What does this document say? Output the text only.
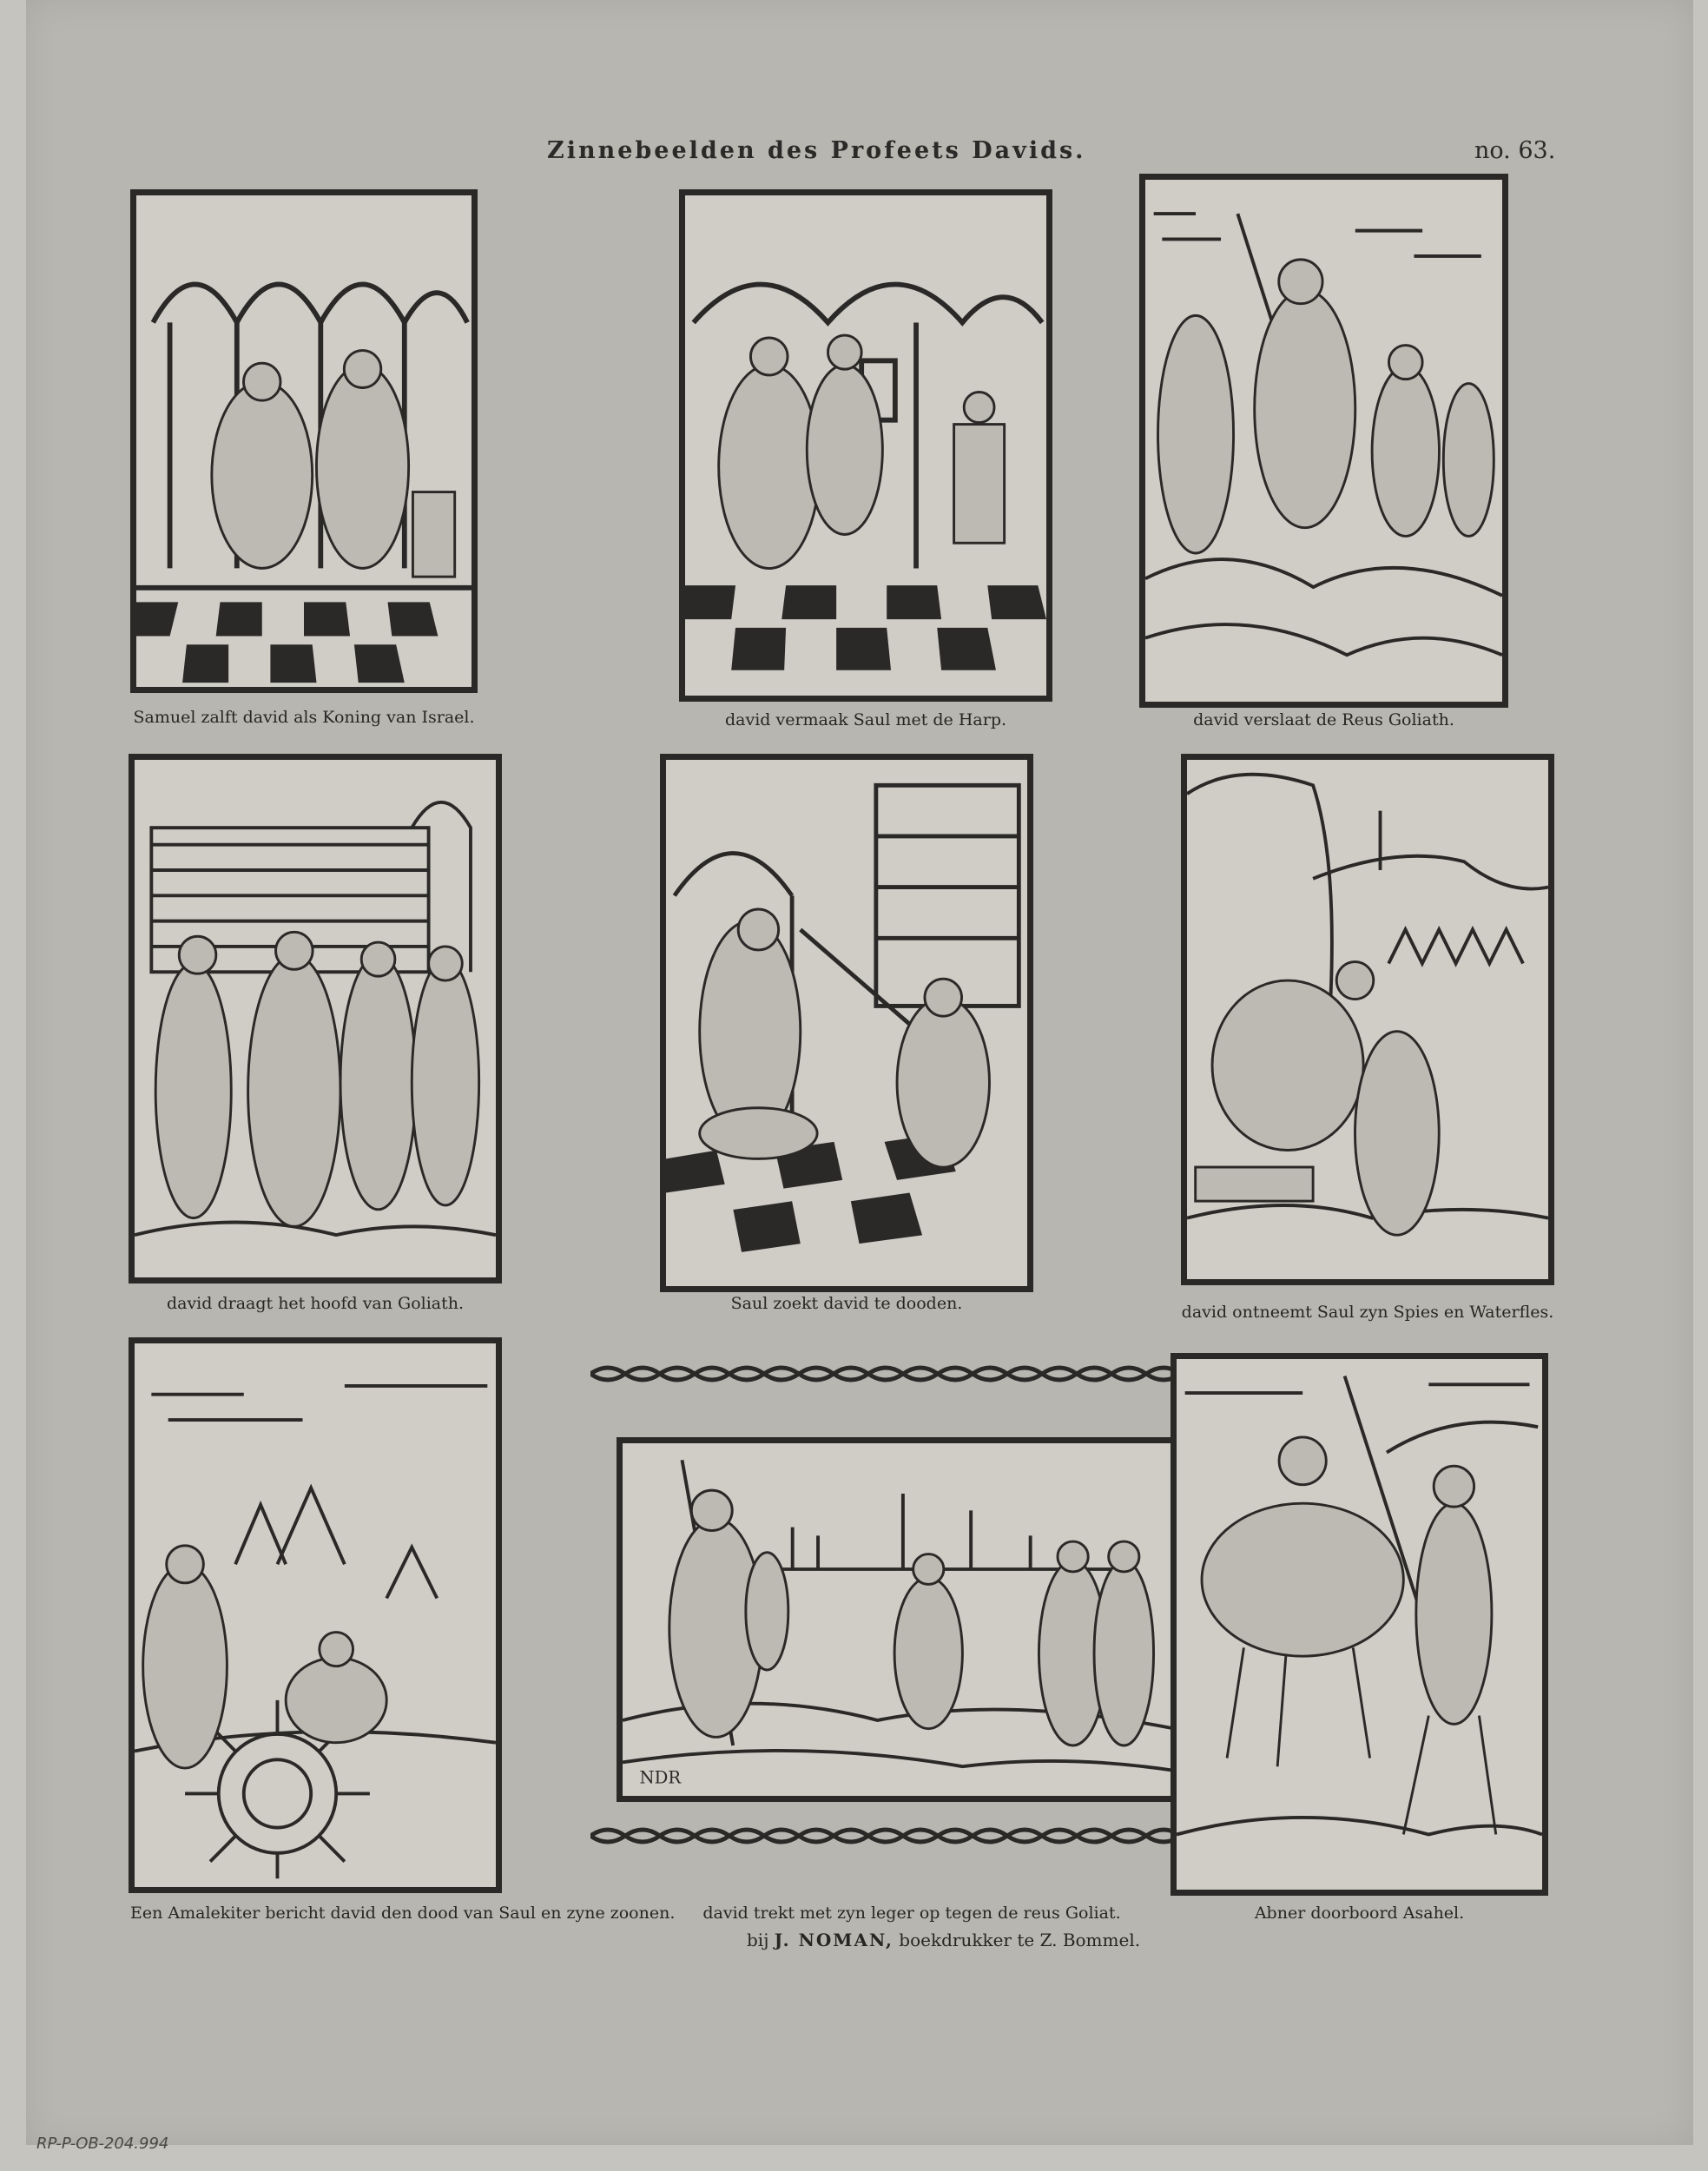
Zinnebeelden des Profeets Davids.	no. 63.
Samuel zalft david als Koning van Israel.	david vermaak Saul met de Harp.	david verslaat de Reus Goliath.
david draagt het hoofd van Goliath.	Saul zoekt david te dooden.	david ontneemt Saul zyn Spies en Waterfles.
Een Amalekiter bericht david den dood van Saul en zyne zoonen.
NDR
david trekt met zyn leger op tegen de reus Goliat.	Abner doorboord Asahel.
bij J. NOMAN, boekdrukker te Z. Bommel.
RP-P-OB-204.994
